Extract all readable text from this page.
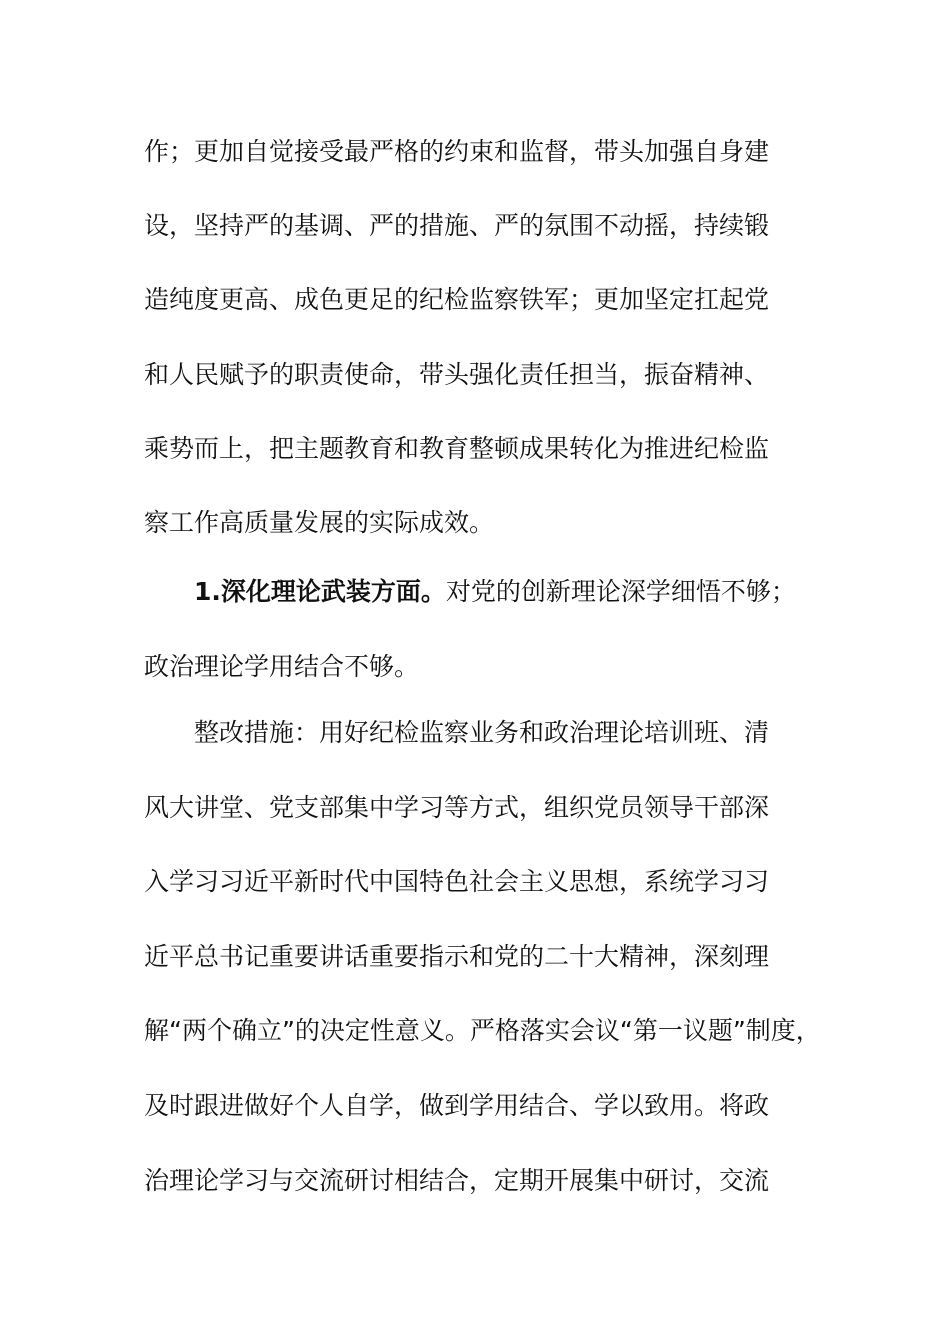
作；更加自觉接受最严格的约束和监督，带头加强自身建
设，坚持严的基调、严的措施、严的氛围不动摇，持续锻
造纯度更高、成色更足的纪检监察铁军；更加坚定扛起党
和人民赋予的职责使命，带头强化责任担当，振奋精神、
乘势而上，把主题教育和教育整顿成果转化为推进纪检监
察工作高质量发展的实际成效。
1.深化理论武装方面。对党的创新理论深学细悟不够；
政治理论学用结合不够。
整改措施：用好纪检监察业务和政治理论培训班、清
风大讲堂、党支部集中学习等方式，组织党员领导干部深
入学习习近平新时代中国特色社会主义思想，系统学习习
近平总书记重要讲话重要指示和党的二十大精神，深刻理
解“两个确立”的决定性意义。严格落实会议“第一议题”制度，
及时跟进做好个人自学，做到学用结合、学以致用。将政
治理论学习与交流研讨相结合，定期开展集中研讨，交流
